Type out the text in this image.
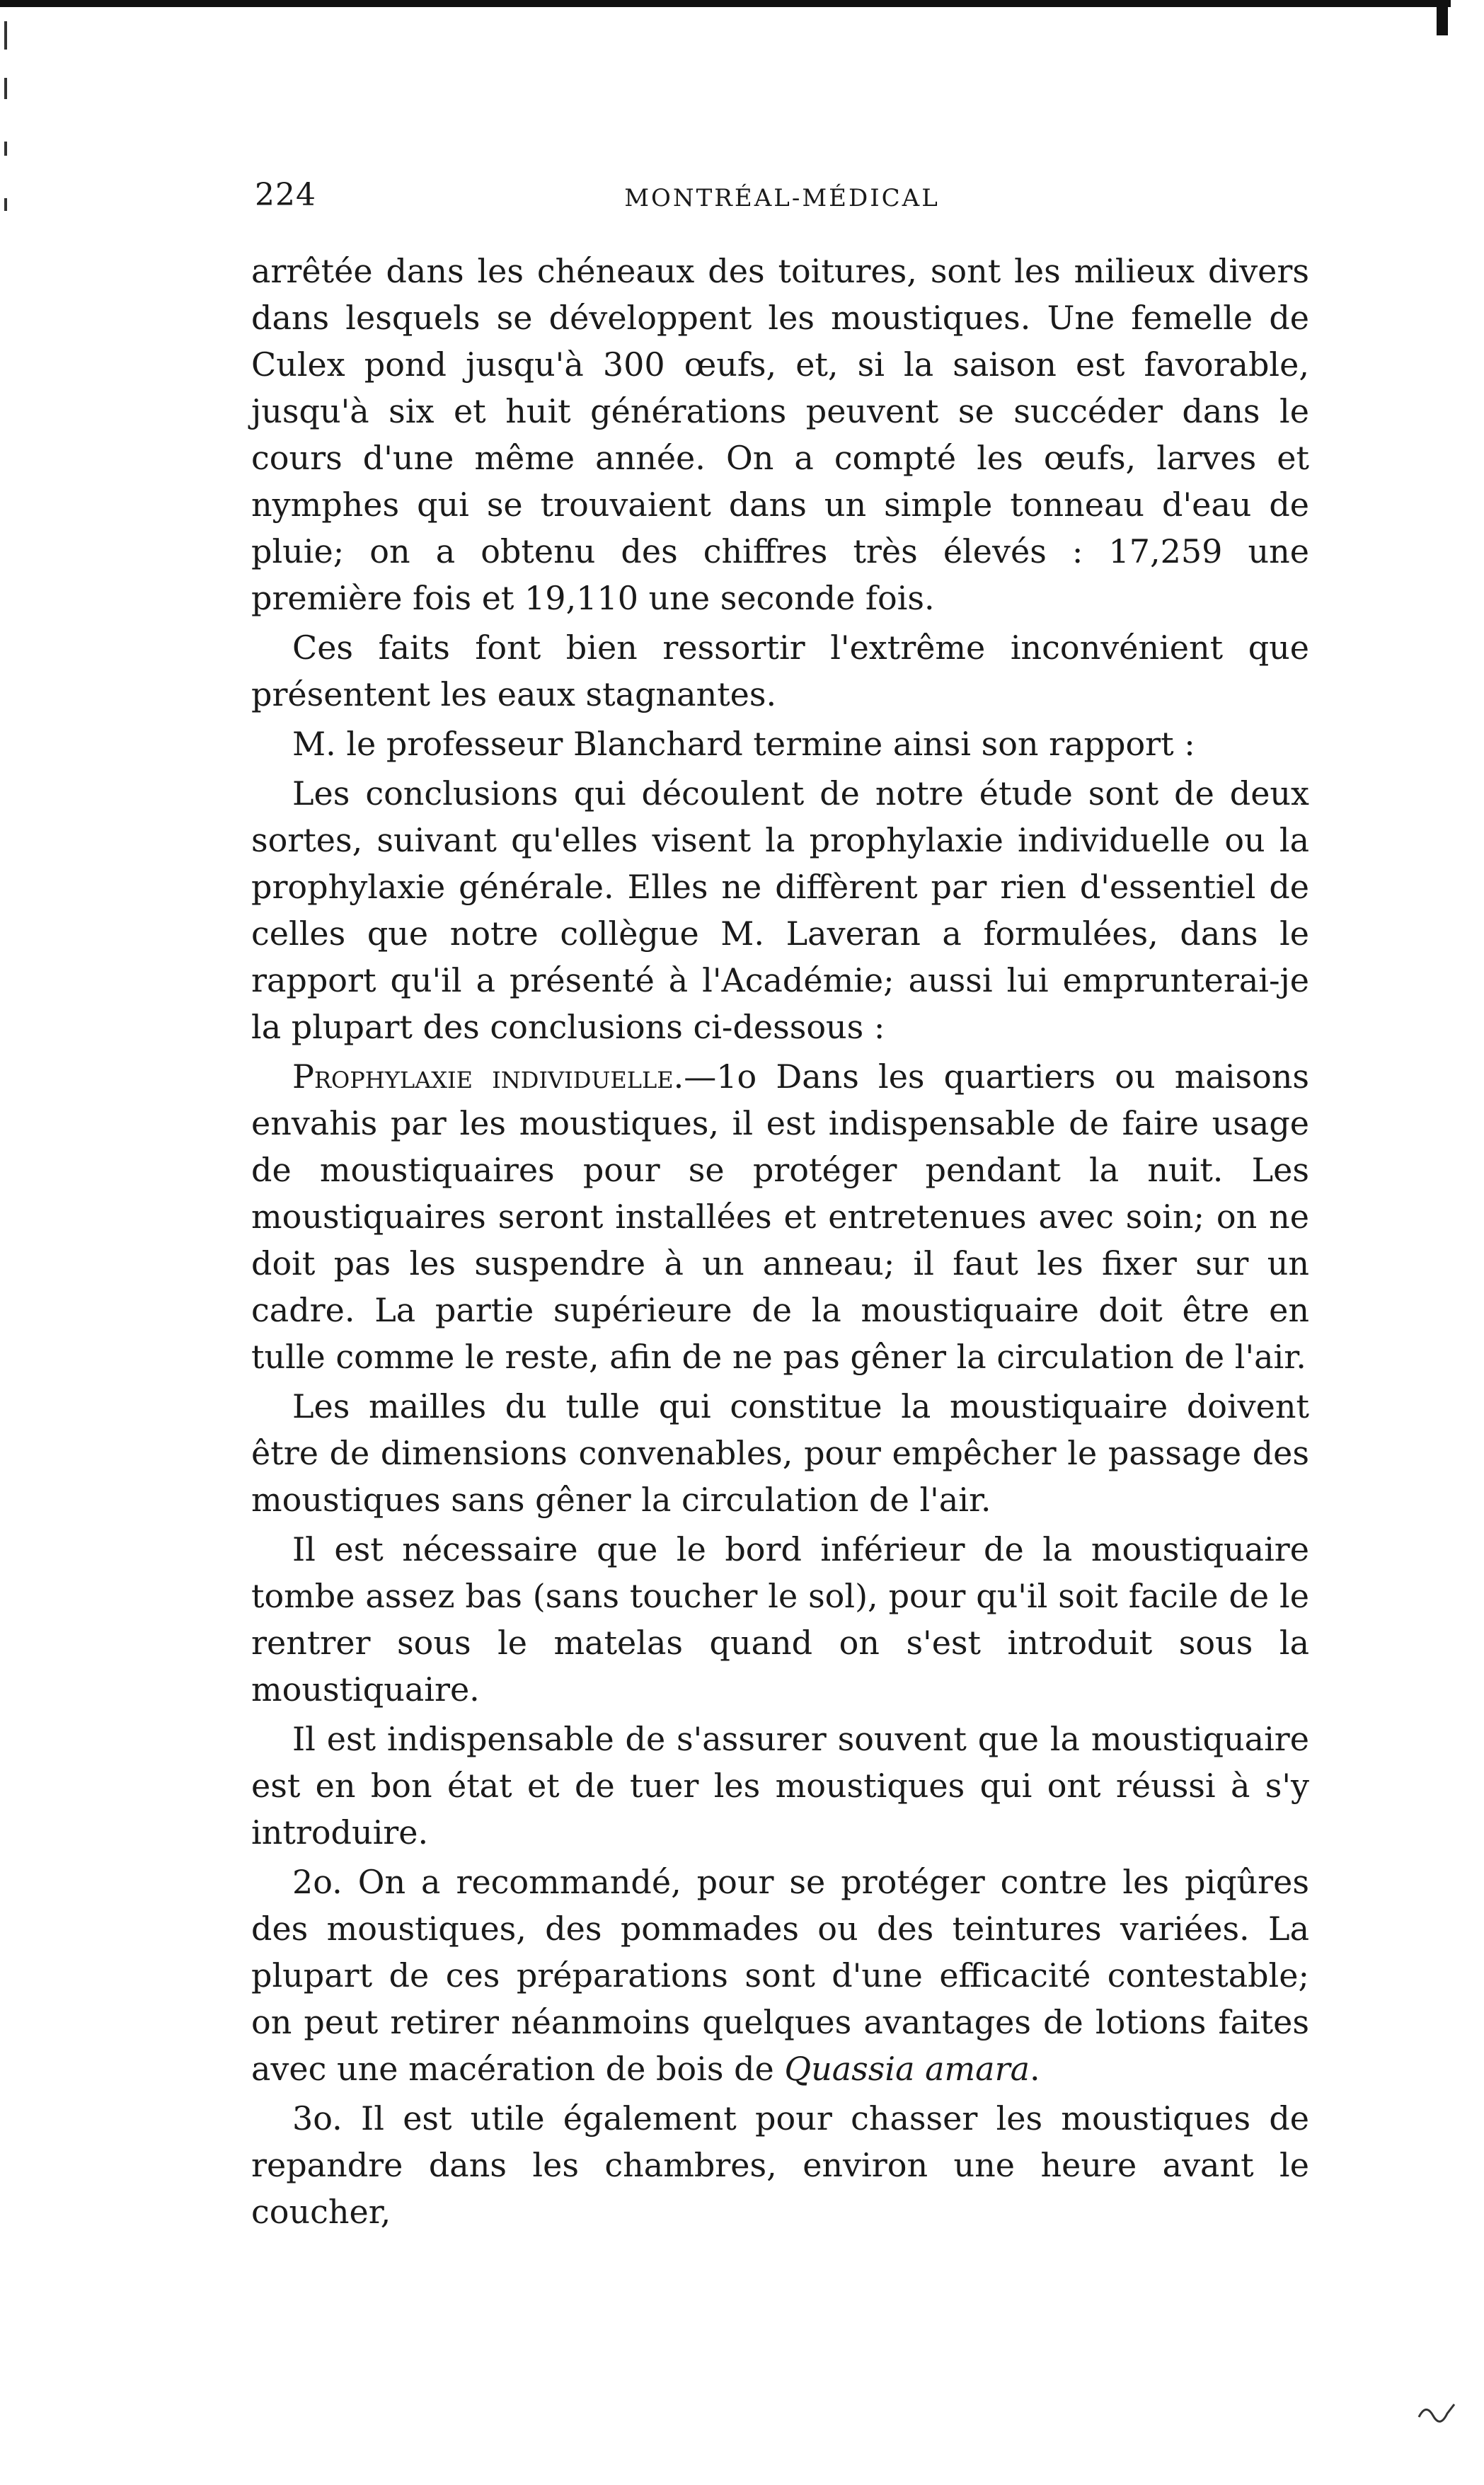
224	MONTRÉAL-MÉDICAL

arrêtée dans les chéneaux des toitures, sont les milieux divers dans lesquels se développent les moustiques. Une femelle de Culex pond jusqu'à 300 œufs, et, si la saison est favorable, jusqu'à six et huit générations peuvent se succéder dans le cours d'une même année. On a compté les œufs, larves et nymphes qui se trouvaient dans un simple tonneau d'eau de pluie; on a obtenu des chiffres très élevés : 17,259 une première fois et 19,110 une seconde fois.

Ces faits font bien ressortir l'extrême inconvénient que présentent les eaux stagnantes.

M. le professeur Blanchard termine ainsi son rapport :

Les conclusions qui découlent de notre étude sont de deux sortes, suivant qu'elles visent la prophylaxie individuelle ou la prophylaxie générale. Elles ne diffèrent par rien d'essentiel de celles que notre collègue M. Laveran a formulées, dans le rapport qu'il a présenté à l'Académie; aussi lui emprunterai-je la plupart des conclusions ci-dessous :

Prophylaxie individuelle.—1o Dans les quartiers ou maisons envahis par les moustiques, il est indispensable de faire usage de moustiquaires pour se protéger pendant la nuit. Les moustiquaires seront installées et entretenues avec soin; on ne doit pas les suspendre à un anneau; il faut les fixer sur un cadre. La partie supérieure de la moustiquaire doit être en tulle comme le reste, afin de ne pas gêner la circulation de l'air.

Les mailles du tulle qui constitue la moustiquaire doivent être de dimensions convenables, pour empêcher le passage des moustiques sans gêner la circulation de l'air.

Il est nécessaire que le bord inférieur de la moustiquaire tombe assez bas (sans toucher le sol), pour qu'il soit facile de le rentrer sous le matelas quand on s'est introduit sous la moustiquaire.

Il est indispensable de s'assurer souvent que la moustiquaire est en bon état et de tuer les moustiques qui ont réussi à s'y introduire.

2o. On a recommandé, pour se protéger contre les piqûres des moustiques, des pommades ou des teintures variées. La plupart de ces préparations sont d'une efficacité contestable; on peut retirer néanmoins quelques avantages de lotions faites avec une macération de bois de Quassia amara.

3o. Il est utile également pour chasser les moustiques de repandre dans les chambres, environ une heure avant le coucher,
